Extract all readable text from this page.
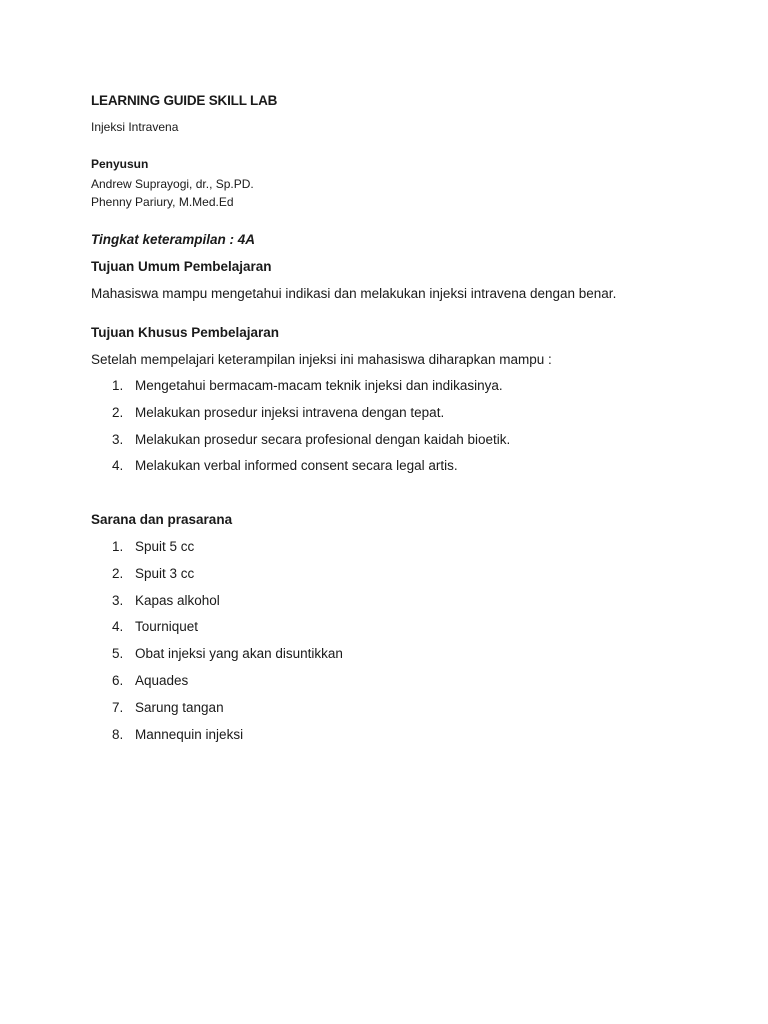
LEARNING GUIDE SKILL LAB
Injeksi Intravena
Penyusun
Andrew Suprayogi, dr., Sp.PD.
Phenny Pariury, M.Med.Ed
Tingkat keterampilan : 4A
Tujuan Umum Pembelajaran
Mahasiswa mampu mengetahui indikasi dan melakukan injeksi intravena dengan benar.
Tujuan Khusus Pembelajaran
Setelah mempelajari keterampilan injeksi ini mahasiswa diharapkan mampu :
1. Mengetahui bermacam-macam teknik injeksi dan indikasinya.
2. Melakukan prosedur injeksi intravena dengan tepat.
3. Melakukan prosedur secara profesional dengan kaidah bioetik.
4. Melakukan verbal informed consent secara legal artis.
Sarana dan prasarana
1. Spuit 5 cc
2. Spuit 3 cc
3. Kapas alkohol
4. Tourniquet
5. Obat injeksi yang akan disuntikkan
6. Aquades
7. Sarung tangan
8. Mannequin injeksi
